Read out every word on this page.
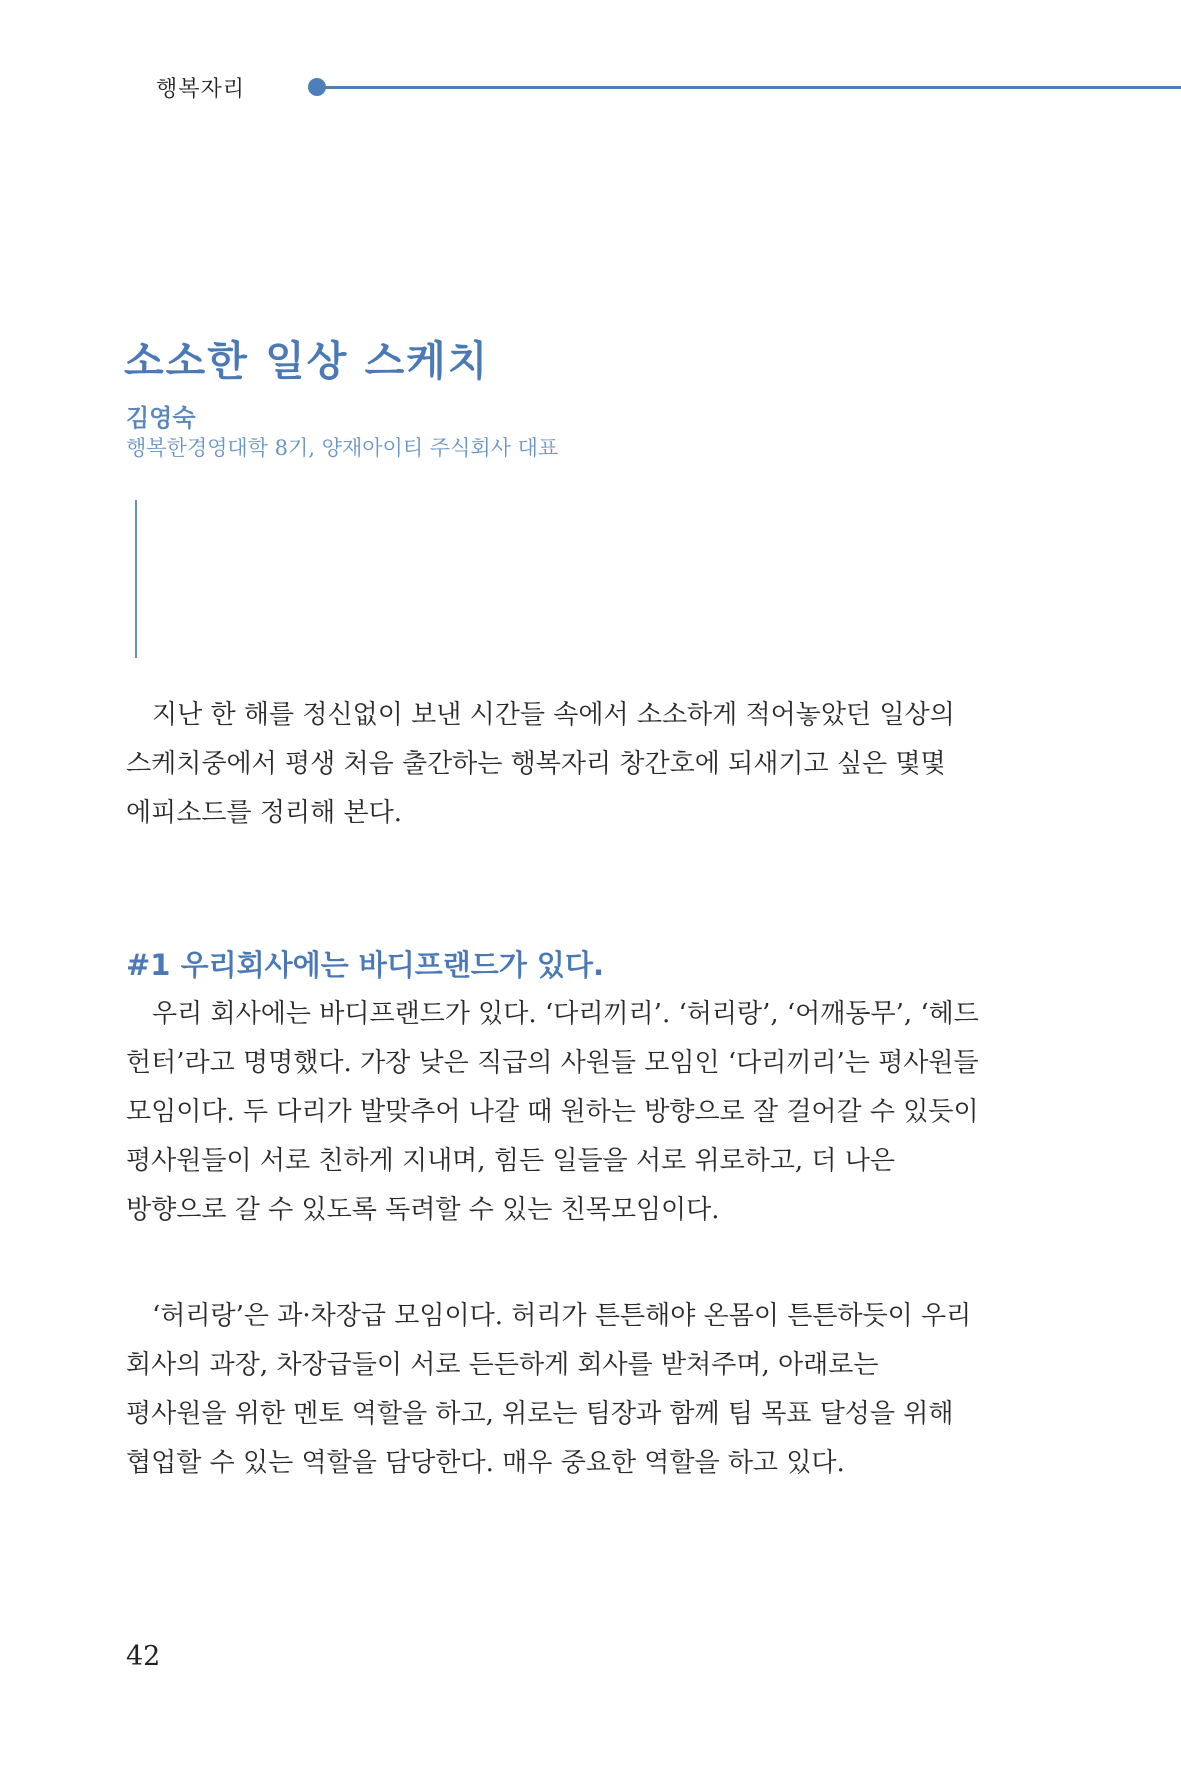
행복자리
소소한 일상 스케치
김영숙
행복한경영대학 8기, 양재아이티 주식회사 대표

지난 한 해를 정신없이 보낸 시간들 속에서 소소하게 적어놓았던 일상의 스케치중에서 평생 처음 출간하는 행복자리 창간호에 되새기고 싶은 몇몇 에피소드를 정리해 본다.

#1 우리회사에는 바디프랜드가 있다.

우리 회사에는 바디프랜드가 있다. ‘다리끼리’. ‘허리랑’, ‘어깨동무’, ‘헤드 헌터’라고 명명했다. 가장 낮은 직급의 사원들 모임인 ‘다리끼리’는 평사원들 모임이다. 두 다리가 발맞추어 나갈 때 원하는 방향으로 잘 걸어갈 수 있듯이 평사원들이 서로 친하게 지내며, 힘든 일들을 서로 위로하고, 더 나은 방향으로 갈 수 있도록 독려할 수 있는 친목모임이다.

‘허리랑’은 과·차장급 모임이다. 허리가 튼튼해야 온몸이 튼튼하듯이 우리 회사의 과장, 차장급들이 서로 든든하게 회사를 받쳐주며, 아래로는 평사원을 위한 멘토 역할을 하고, 위로는 팀장과 함께 팀 목표 달성을 위해 협업할 수 있는 역할을 담당한다. 매우 중요한 역할을 하고 있다.

42
